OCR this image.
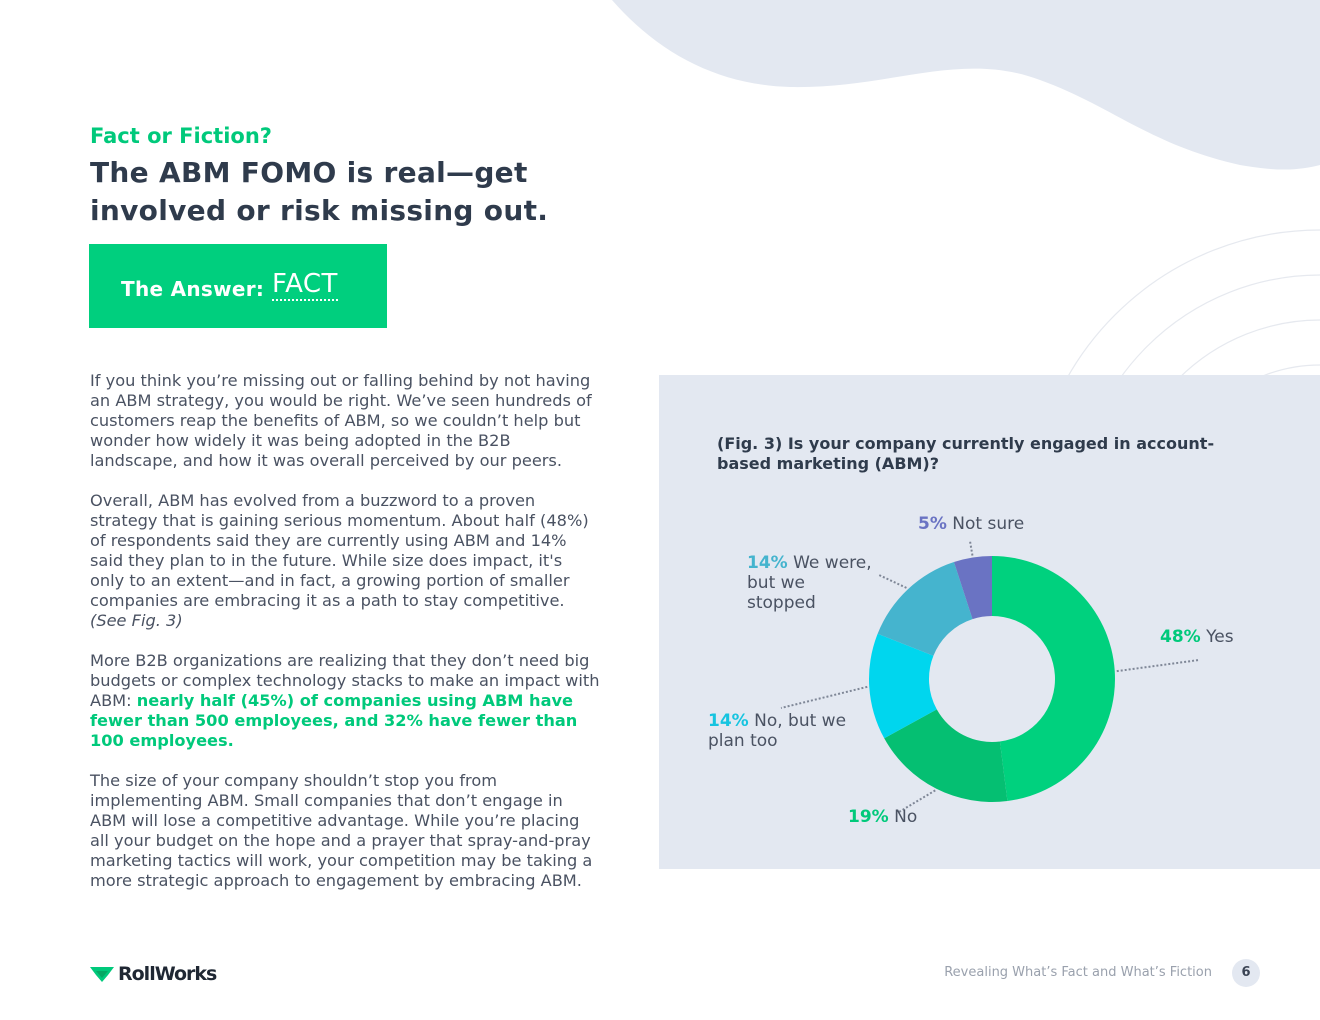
Fact or Fiction?
The ABM FOMO is real—get involved or risk missing out.
The Answer: FACT

If you think you’re missing out or falling behind by not having an ABM strategy, you would be right. We’ve seen hundreds of customers reap the benefits of ABM, so we couldn’t help but wonder how widely it was being adopted in the B2B landscape, and how it was overall perceived by our peers.

Overall, ABM has evolved from a buzzword to a proven strategy that is gaining serious momentum. About half (48%) of respondents said they are currently using ABM and 14% said they plan to in the future. While size does impact, it's only to an extent—and in fact, a growing portion of smaller companies are embracing it as a path to stay competitive. (See Fig. 3)

More B2B organizations are realizing that they don’t need big budgets or complex technology stacks to make an impact with ABM: nearly half (45%) of companies using ABM have fewer than 500 employees, and 32% have fewer than 100 employees.

The size of your company shouldn’t stop you from implementing ABM. Small companies that don’t engage in ABM will lose a competitive advantage. While you’re placing all your budget on the hope and a prayer that spray-and-pray marketing tactics will work, your competition may be taking a more strategic approach to engagement by embracing ABM.

(Fig. 3) Is your company currently engaged in account-based marketing (ABM)?
48% Yes
19% No
14% No, but we plan too
14% We were, but we stopped
5% Not sure
RollWorks	Revealing What’s Fact and What’s Fiction	6
